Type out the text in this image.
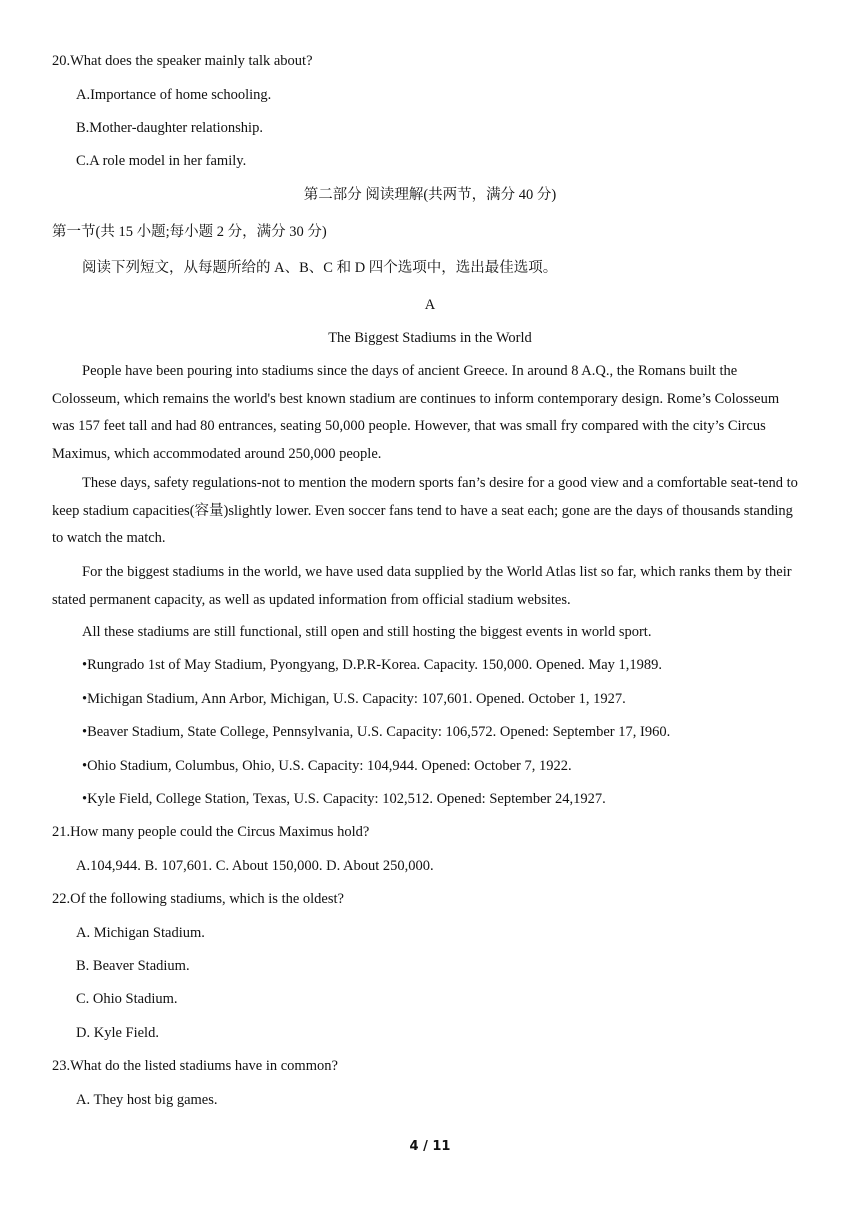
20.What does the speaker mainly talk about?
A.Importance of home schooling.
B.Mother-daughter relationship.
C.A role model in her family.
第二部分 阅读理解(共两节，满分 40 分)
第一节(共 15 小题;每小题 2 分，满分 30 分)
阅读下列短文，从每题所给的 A、B、C 和 D 四个选项中，选出最佳选项。
A
The Biggest Stadiums in the World
People have been pouring into stadiums since the days of ancient Greece. In around 8 A.Q., the Romans built the Colosseum, which remains the world's best known stadium are continues to inform contemporary design. Rome’s Colosseum was 157 feet tall and had 80 entrances, seating 50,000 people. However, that was small fry compared with the city’s Circus Maximus, which accommodated around 250,000 people.
These days, safety regulations-not to mention the modern sports fan’s desire for a good view and a comfortable seat-tend to keep stadium capacities(容量)slightly lower. Even soccer fans tend to have a seat each; gone are the days of thousands standing to watch the match.
For the biggest stadiums in the world, we have used data supplied by the World Atlas list so far, which ranks them by their stated permanent capacity, as well as updated information from official stadium websites.
All these stadiums are still functional, still open and still hosting the biggest events in world sport.
•Rungrado 1st of May Stadium, Pyongyang, D.P.R-Korea. Capacity. 150,000. Opened. May 1,1989.
•Michigan Stadium, Ann Arbor, Michigan, U.S. Capacity: 107,601. Opened. October 1, 1927.
•Beaver Stadium, State College, Pennsylvania, U.S. Capacity: 106,572. Opened: September 17, I960.
•Ohio Stadium, Columbus, Ohio, U.S. Capacity: 104,944. Opened: October 7, 1922.
•Kyle Field, College Station, Texas, U.S. Capacity: 102,512. Opened: September 24,1927.
21.How many people could the Circus Maximus hold?
A.104,944. B. 107,601. C. About 150,000. D. About 250,000.
22.Of the following stadiums, which is the oldest?
A. Michigan Stadium.
B. Beaver Stadium.
C. Ohio Stadium.
D. Kyle Field.
23.What do the listed stadiums have in common?
A. They host big games.
4 / 11
